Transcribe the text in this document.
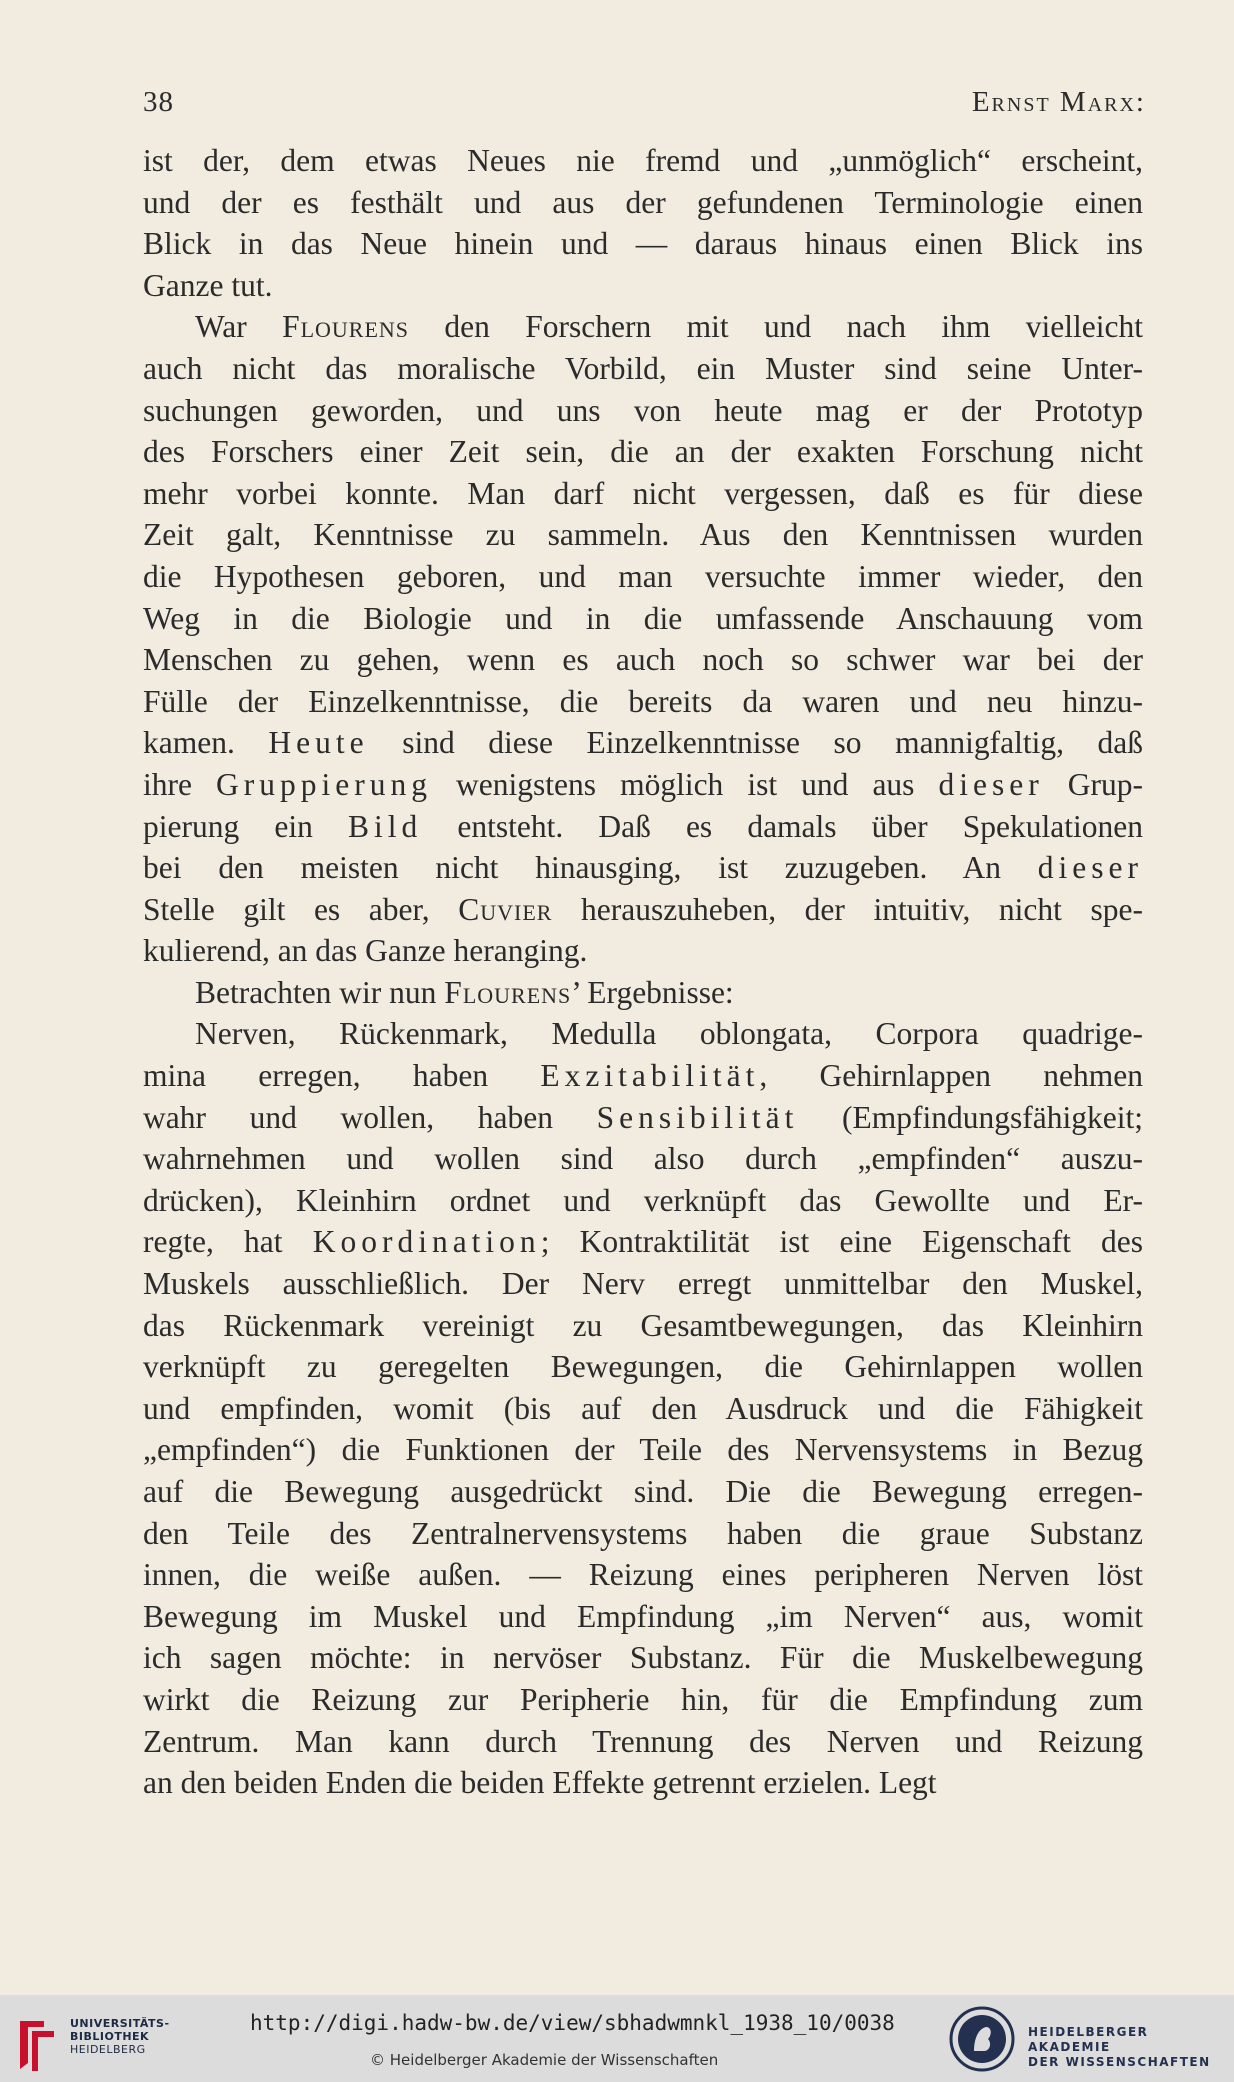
38	Ernst Marx:
ist der, dem etwas Neues nie fremd und „unmöglich“ erscheint,
und der es festhält und aus der gefundenen Terminologie einen
Blick in das Neue hinein und — daraus hinaus einen Blick ins
Ganze tut.
War Flourens den Forschern mit und nach ihm vielleicht
auch nicht das moralische Vorbild, ein Muster sind seine Unter-
suchungen geworden, und uns von heute mag er der Prototyp
des Forschers einer Zeit sein, die an der exakten Forschung nicht
mehr vorbei konnte. Man darf nicht vergessen, daß es für diese
Zeit galt, Kenntnisse zu sammeln. Aus den Kenntnissen wurden
die Hypothesen geboren, und man versuchte immer wieder, den
Weg in die Biologie und in die umfassende Anschauung vom
Menschen zu gehen, wenn es auch noch so schwer war bei der
Fülle der Einzelkenntnisse, die bereits da waren und neu hinzu-
kamen. Heute sind diese Einzelkenntnisse so mannigfaltig, daß
ihre Gruppierung wenigstens möglich ist und aus dieser Grup-
pierung ein Bild entsteht. Daß es damals über Spekulationen
bei den meisten nicht hinausging, ist zuzugeben. An dieser
Stelle gilt es aber, Cuvier herauszuheben, der intuitiv, nicht spe-
kulierend, an das Ganze heranging.
Betrachten wir nun Flourens’ Ergebnisse:
Nerven, Rückenmark, Medulla oblongata, Corpora quadrige-
mina erregen, haben Exzitabilität, Gehirnlappen nehmen
wahr und wollen, haben Sensibilität (Empfindungsfähigkeit;
wahrnehmen und wollen sind also durch „empfinden“ auszu-
drücken), Kleinhirn ordnet und verknüpft das Gewollte und Er-
regte, hat Koordination; Kontraktilität ist eine Eigenschaft des
Muskels ausschließlich. Der Nerv erregt unmittelbar den Muskel,
das Rückenmark vereinigt zu Gesamtbewegungen, das Kleinhirn
verknüpft zu geregelten Bewegungen, die Gehirnlappen wollen
und empfinden, womit (bis auf den Ausdruck und die Fähigkeit
„empfinden“) die Funktionen der Teile des Nervensystems in Bezug
auf die Bewegung ausgedrückt sind. Die die Bewegung erregen-
den Teile des Zentralnervensystems haben die graue Substanz
innen, die weiße außen. — Reizung eines peripheren Nerven löst
Bewegung im Muskel und Empfindung „im Nerven“ aus, womit
ich sagen möchte: in nervöser Substanz. Für die Muskelbewegung
wirkt die Reizung zur Peripherie hin, für die Empfindung zum
Zentrum. Man kann durch Trennung des Nerven und Reizung
an den beiden Enden die beiden Effekte getrennt erzielen. Legt
UNIVERSITÄTS-
BIBLIOTHEK
HEIDELBERG
http://digi.hadw-bw.de/view/sbhadwmnkl_1938_10/0038
© Heidelberger Akademie der Wissenschaften
HEIDELBERGER AKADEMIE
DER WISSENSCHAFTEN
